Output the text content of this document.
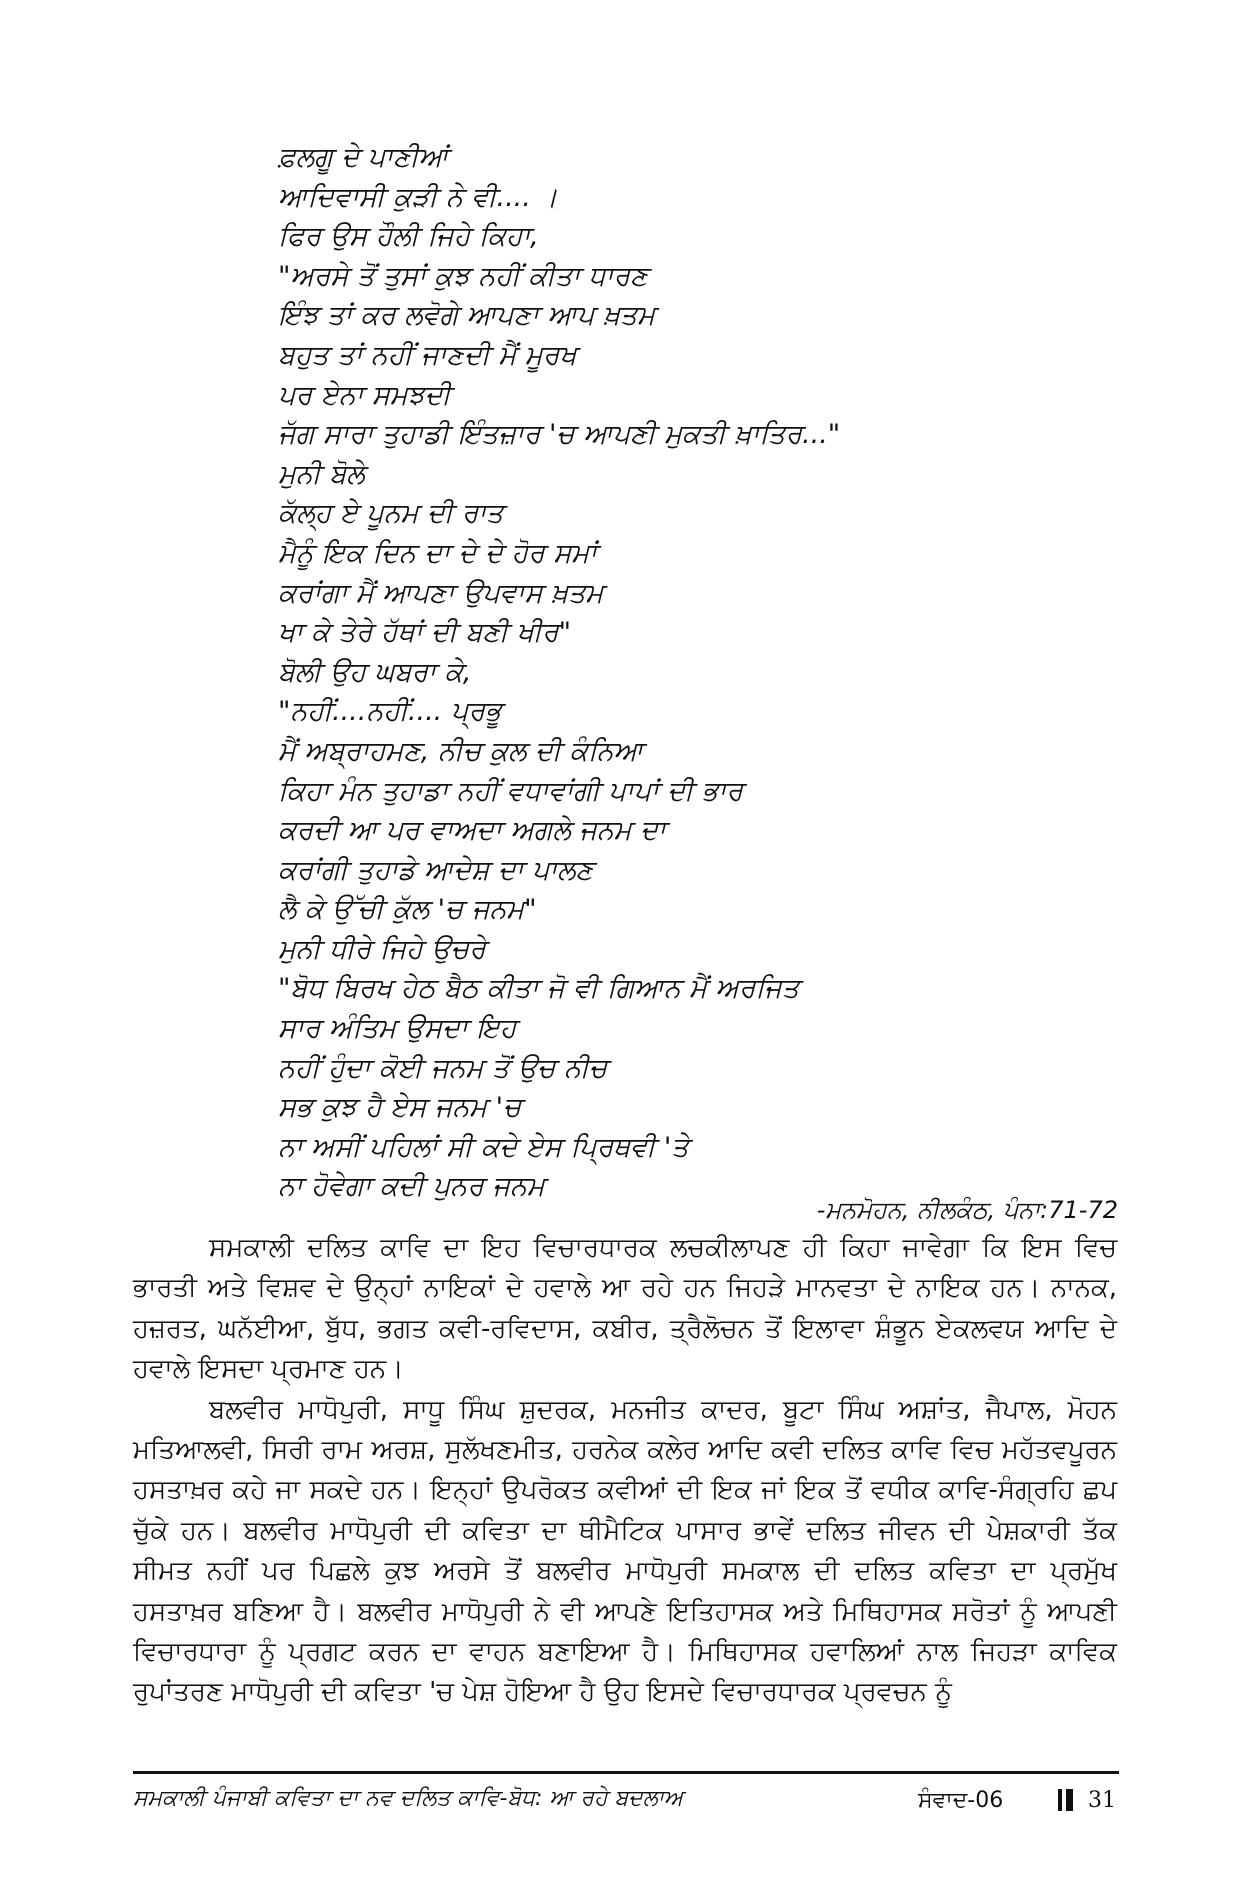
ਫ਼ਲਗੂ ਦੇ ਪਾਣੀਆਂ
ਆਦਿਵਾਸੀ ਕੁੜੀ ਨੇ ਵੀ.... ।
ਫਿਰ ਉਸ ਹੌਲੀ ਜਿਹੇ ਕਿਹਾ,
"ਅਰਸੇ ਤੋਂ ਤੁਸਾਂ ਕੁਝ ਨਹੀਂ ਕੀਤਾ ਧਾਰਣ
ਇੰਝ ਤਾਂ ਕਰ ਲਵੋਗੇ ਆਪਣਾ ਆਪ ਖ਼ਤਮ
ਬਹੁਤ ਤਾਂ ਨਹੀਂ ਜਾਣਦੀ ਮੈਂ ਮੂਰਖ
ਪਰ ਏਨਾ ਸਮਝਦੀ
ਜੱਗ ਸਾਰਾ ਤੁਹਾਡੀ ਇੰਤਜ਼ਾਰ 'ਚ ਆਪਣੀ ਮੁਕਤੀ ਖ਼ਾਤਿਰ..."
ਮੁਨੀ ਬੋਲੇ
ਕੱਲ੍ਹ ਏ ਪੂਨਮ ਦੀ ਰਾਤ
ਮੈਨੂੰ ਇਕ ਦਿਨ ਦਾ ਦੇ ਦੇ ਹੋਰ ਸਮਾਂ
ਕਰਾਂਗਾ ਮੈਂ ਆਪਣਾ ਉਪਵਾਸ ਖ਼ਤਮ
ਖਾ ਕੇ ਤੇਰੇ ਹੱਥਾਂ ਦੀ ਬਣੀ ਖੀਰ"
ਬੋਲੀ ਉਹ ਘਬਰਾ ਕੇ,
"ਨਹੀਂ....ਨਹੀਂ.... ਪ੍ਰਭੂ
ਮੈਂ ਅਬ੍ਰਾਹਮਣ, ਨੀਚ ਕੁਲ ਦੀ ਕੰਨਿਆ
ਕਿਹਾ ਮੰਨ ਤੁਹਾਡਾ ਨਹੀਂ ਵਧਾਵਾਂਗੀ ਪਾਪਾਂ ਦੀ ਭਾਰ
ਕਰਦੀ ਆ ਪਰ ਵਾਅਦਾ ਅਗਲੇ ਜਨਮ ਦਾ
ਕਰਾਂਗੀ ਤੁਹਾਡੇ ਆਦੇਸ਼ ਦਾ ਪਾਲਣ
ਲੈ ਕੇ ਉੱਚੀ ਕੁੱਲ 'ਚ ਜਨਮ"
ਮੁਨੀ ਧੀਰੇ ਜਿਹੇ ਉਚਰੇ
"ਬੋਧ ਬਿਰਖ ਹੇਠ ਬੈਠ ਕੀਤਾ ਜੋ ਵੀ ਗਿਆਨ ਮੈਂ ਅਰਜਿਤ
ਸਾਰ ਅੰਤਿਮ ਉਸਦਾ ਇਹ
ਨਹੀਂ ਹੁੰਦਾ ਕੋਈ ਜਨਮ ਤੋਂ ਉਚ ਨੀਚ
ਸਭ ਕੁਝ ਹੈ ਏਸ ਜਨਮ 'ਚ
ਨਾ ਅਸੀਂ ਪਹਿਲਾਂ ਸੀ ਕਦੇ ਏਸ ਪ੍ਰਿਥਵੀ 'ਤੇ
ਨਾ ਹੋਵੇਗਾ ਕਦੀ ਪੁਨਰ ਜਨਮ
-ਮਨਮੋਹਨ, ਨੀਲਕੰਠ, ਪੰਨਾ:71-72

ਸਮਕਾਲੀ ਦਲਿਤ ਕਾਵਿ ਦਾ ਇਹ ਵਿਚਾਰਧਾਰਕ ਲਚਕੀਲਾਪਣ ਹੀ ਕਿਹਾ ਜਾਵੇਗਾ ਕਿ ਇਸ ਵਿਚ ਭਾਰਤੀ ਅਤੇ ਵਿਸ਼ਵ ਦੇ ਉਨ੍ਹਾਂ ਨਾਇਕਾਂ ਦੇ ਹਵਾਲੇ ਆ ਰਹੇ ਹਨ ਜਿਹੜੇ ਮਾਨਵਤਾ ਦੇ ਨਾਇਕ ਹਨ। ਨਾਨਕ, ਹਜ਼ਰਤ, ਘਨੱਈਆ, ਬੁੱਧ, ਭਗਤ ਕਵੀ-ਰਵਿਦਾਸ, ਕਬੀਰ, ਤ੍ਰੈਲੋਚਨ ਤੋਂ ਇਲਾਵਾ ਸ਼ੰਭੂਨ ਏਕਲਵਯ ਆਦਿ ਦੇ ਹਵਾਲੇ ਇਸਦਾ ਪ੍ਰਮਾਣ ਹਨ।

ਬਲਵੀਰ ਮਾਧੋਪੁਰੀ, ਸਾਧੂ ਸਿੰਘ ਸ਼ੁਦਰਕ, ਮਨਜੀਤ ਕਾਦਰ, ਬੂਟਾ ਸਿੰਘ ਅਸ਼ਾਂਤ, ਜੈਪਾਲ, ਮੋਹਨ ਮਤਿਆਲਵੀ, ਸਿਰੀ ਰਾਮ ਅਰਸ਼, ਸੁਲੱਖਣਮੀਤ, ਹਰਨੇਕ ਕਲੇਰ ਆਦਿ ਕਵੀ ਦਲਿਤ ਕਾਵਿ ਵਿਚ ਮਹੱਤਵਪੂਰਨ ਹਸਤਾਖ਼ਰ ਕਹੇ ਜਾ ਸਕਦੇ ਹਨ। ਇਨ੍ਹਾਂ ਉਪਰੋਕਤ ਕਵੀਆਂ ਦੀ ਇਕ ਜਾਂ ਇਕ ਤੋਂ ਵਧੀਕ ਕਾਵਿ-ਸੰਗ੍ਰਹਿ ਛਪ ਚੁੱਕੇ ਹਨ। ਬਲਵੀਰ ਮਾਧੋਪੁਰੀ ਦੀ ਕਵਿਤਾ ਦਾ ਥੀਮੈਟਿਕ ਪਾਸਾਰ ਭਾਵੇਂ ਦਲਿਤ ਜੀਵਨ ਦੀ ਪੇਸ਼ਕਾਰੀ ਤੱਕ ਸੀਮਤ ਨਹੀਂ ਪਰ ਪਿਛਲੇ ਕੁਝ ਅਰਸੇ ਤੋਂ ਬਲਵੀਰ ਮਾਧੋਪੁਰੀ ਸਮਕਾਲ ਦੀ ਦਲਿਤ ਕਵਿਤਾ ਦਾ ਪ੍ਰਮੁੱਖ ਹਸਤਾਖ਼ਰ ਬਣਿਆ ਹੈ। ਬਲਵੀਰ ਮਾਧੋਪੁਰੀ ਨੇ ਵੀ ਆਪਣੇ ਇਤਿਹਾਸਕ ਅਤੇ ਮਿਥਿਹਾਸਕ ਸਰੋਤਾਂ ਨੂੰ ਆਪਣੀ ਵਿਚਾਰਧਾਰਾ ਨੂੰ ਪ੍ਰਗਟ ਕਰਨ ਦਾ ਵਾਹਨ ਬਣਾਇਆ ਹੈ। ਮਿਥਿਹਾਸਕ ਹਵਾਲਿਆਂ ਨਾਲ ਜਿਹੜਾ ਕਾਵਿਕ ਰੁਪਾਂਤਰਣ ਮਾਧੋਪੁਰੀ ਦੀ ਕਵਿਤਾ 'ਚ ਪੇਸ਼ ਹੋਇਆ ਹੈ ਉਹ ਇਸਦੇ ਵਿਚਾਰਧਾਰਕ ਪ੍ਰਵਚਨ ਨੂੰ

ਸਮਕਾਲੀ ਪੰਜਾਬੀ ਕਵਿਤਾ ਦਾ ਨਵ ਦਲਿਤ ਕਾਵਿ-ਬੋਧ: ਆ ਰਹੇ ਬਦਲਾਅ	ਸੰਵਾਦ-06	31
